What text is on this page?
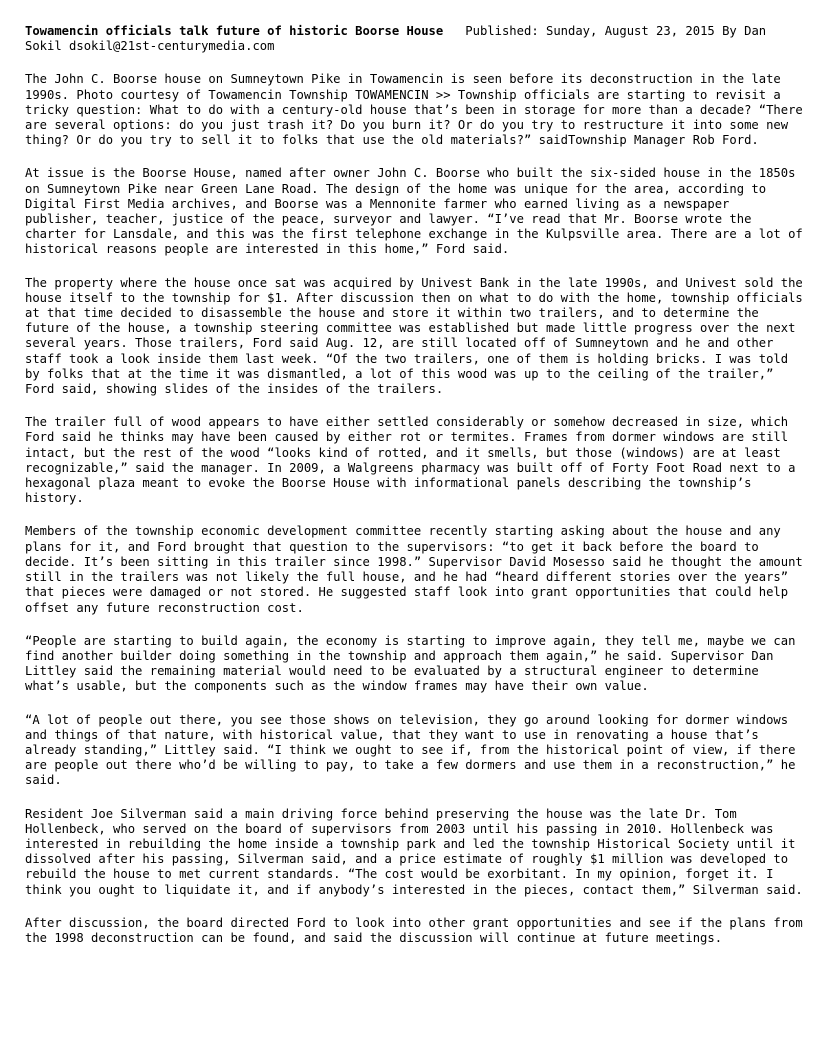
Towamencin officials talk future of historic Boorse House Published: Sunday, August 23, 2015 By Dan Sokil dsokil@21st-centurymedia.com

The John C. Boorse house on Sumneytown Pike in Towamencin is seen before its deconstruction in the late 1990s. Photo courtesy of Towamencin Township TOWAMENCIN >> Township officials are starting to revisit a tricky question: What to do with a century-old house that’s been in storage for more than a decade? “There are several options: do you just trash it? Do you burn it? Or do you try to restructure it into some new thing? Or do you try to sell it to folks that use the old materials?” saidTownship Manager Rob Ford.

At issue is the Boorse House, named after owner John C. Boorse who built the six-sided house in the 1850s on Sumneytown Pike near Green Lane Road. The design of the home was unique for the area, according to Digital First Media archives, and Boorse was a Mennonite farmer who earned living as a newspaper publisher, teacher, justice of the peace, surveyor and lawyer. “I’ve read that Mr. Boorse wrote the charter for Lansdale, and this was the first telephone exchange in the Kulpsville area. There are a lot of historical reasons people are interested in this home,” Ford said.

The property where the house once sat was acquired by Univest Bank in the late 1990s, and Univest sold the house itself to the township for $1. After discussion then on what to do with the home, township officials at that time decided to disassemble the house and store it within two trailers, and to determine the future of the house, a township steering committee was established but made little progress over the next several years. Those trailers, Ford said Aug. 12, are still located off of Sumneytown and he and other staff took a look inside them last week. “Of the two trailers, one of them is holding bricks. I was told by folks that at the time it was dismantled, a lot of this wood was up to the ceiling of the trailer,” Ford said, showing slides of the insides of the trailers.

The trailer full of wood appears to have either settled considerably or somehow decreased in size, which Ford said he thinks may have been caused by either rot or termites. Frames from dormer windows are still intact, but the rest of the wood “looks kind of rotted, and it smells, but those (windows) are at least recognizable,” said the manager. In 2009, a Walgreens pharmacy was built off of Forty Foot Road next to a hexagonal plaza meant to evoke the Boorse House with informational panels describing the township’s history.

Members of the township economic development committee recently starting asking about the house and any plans for it, and Ford brought that question to the supervisors: “to get it back before the board to decide. It’s been sitting in this trailer since 1998.” Supervisor David Mosesso said he thought the amount still in the trailers was not likely the full house, and he had “heard different stories over the years” that pieces were damaged or not stored. He suggested staff look into grant opportunities that could help offset any future reconstruction cost.

“People are starting to build again, the economy is starting to improve again, they tell me, maybe we can find another builder doing something in the township and approach them again,” he said. Supervisor Dan Littley said the remaining material would need to be evaluated by a structural engineer to determine what’s usable, but the components such as the window frames may have their own value.

“A lot of people out there, you see those shows on television, they go around looking for dormer windows and things of that nature, with historical value, that they want to use in renovating a house that’s already standing,” Littley said. “I think we ought to see if, from the historical point of view, if there are people out there who’d be willing to pay, to take a few dormers and use them in a reconstruction,” he said.

Resident Joe Silverman said a main driving force behind preserving the house was the late Dr. Tom Hollenbeck, who served on the board of supervisors from 2003 until his passing in 2010. Hollenbeck was interested in rebuilding the home inside a township park and led the township Historical Society until it dissolved after his passing, Silverman said, and a price estimate of roughly $1 million was developed to rebuild the house to met current standards. “The cost would be exorbitant. In my opinion, forget it. I think you ought to liquidate it, and if anybody’s interested in the pieces, contact them,” Silverman said.

After discussion, the board directed Ford to look into other grant opportunities and see if the plans from the 1998 deconstruction can be found, and said the discussion will continue at future meetings.
